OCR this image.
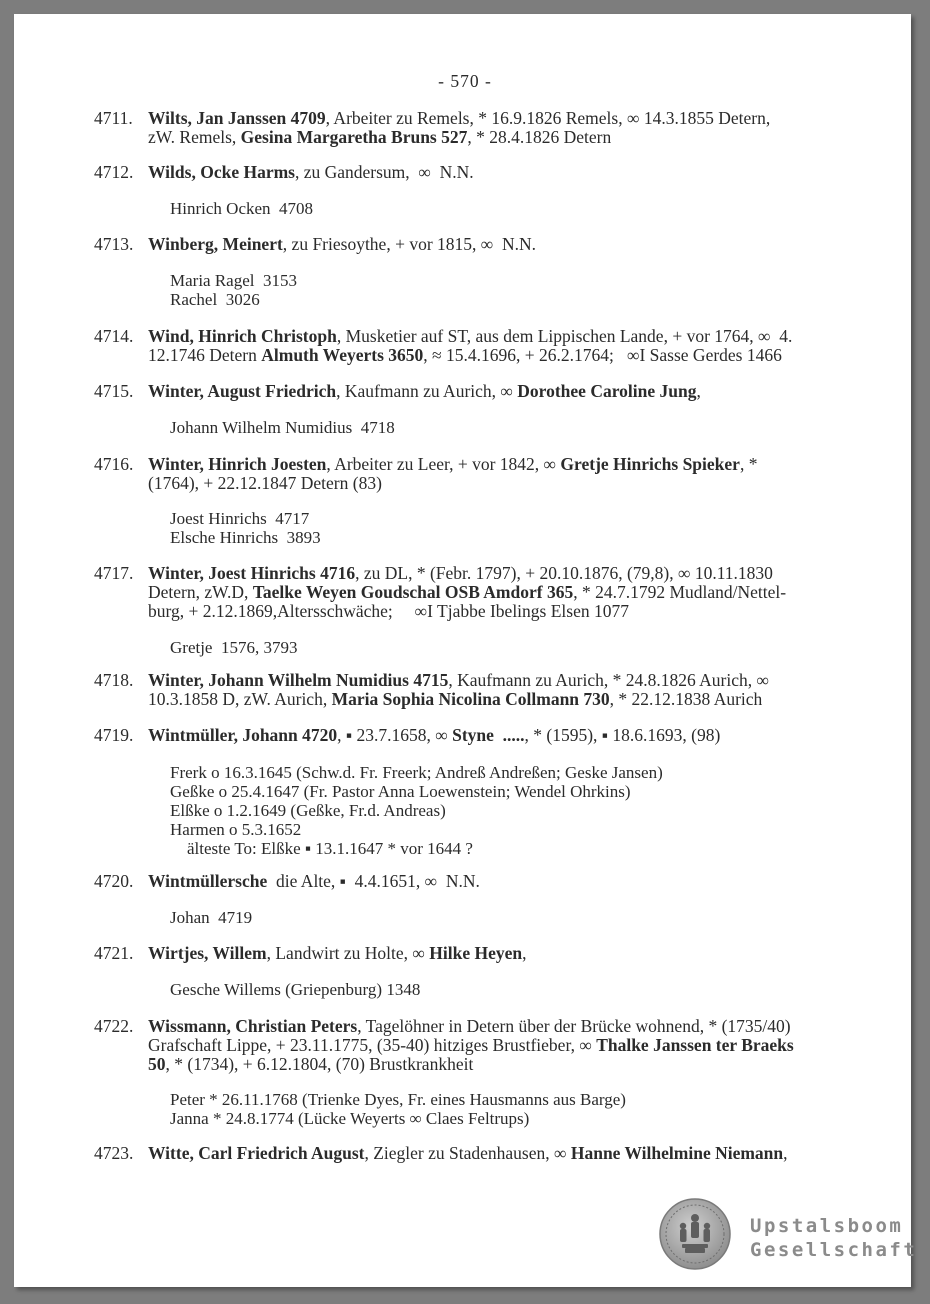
- 570 -
4711. Wilts, Jan Janssen 4709, Arbeiter zu Remels, * 16.9.1826 Remels, ∞ 14.3.1855 Detern,
zW. Remels, Gesina Margaretha Bruns 527, * 28.4.1826 Detern
4712. Wilds, Ocke Harms, zu Gandersum,  ∞  N.N.
Hinrich Ocken  4708
4713. Winberg, Meinert, zu Friesoythe, + vor 1815, ∞  N.N.
Maria Ragel  3153
Rachel  3026
4714. Wind, Hinrich Christoph, Musketier auf ST, aus dem Lippischen Lande, + vor 1764, ∞  4.
12.1746 Detern Almuth Weyerts 3650, ≈ 15.4.1696, + 26.2.1764;   ∞I Sasse Gerdes 1466
4715. Winter, August Friedrich, Kaufmann zu Aurich, ∞ Dorothee Caroline Jung,
Johann Wilhelm Numidius  4718
4716. Winter, Hinrich Joesten, Arbeiter zu Leer, + vor 1842, ∞ Gretje Hinrichs Spieker, *
(1764), + 22.12.1847 Detern (83)
Joest Hinrichs  4717
Elsche Hinrichs  3893
4717. Winter, Joest Hinrichs 4716, zu DL, * (Febr. 1797), + 20.10.1876, (79,8), ∞ 10.11.1830
Detern, zW.D, Taelke Weyen Goudschal OSB Amdorf 365, * 24.7.1792 Mudland/Nettel-
burg, + 2.12.1869,Altersschwäche;     ∞I Tjabbe Ibelings Elsen 1077
Gretje  1576, 3793
4718. Winter, Johann Wilhelm Numidius 4715, Kaufmann zu Aurich, * 24.8.1826 Aurich, ∞
10.3.1858 D, zW. Aurich, Maria Sophia Nicolina Collmann 730, * 22.12.1838 Aurich
4719. Wintmüller, Johann 4720, ▪ 23.7.1658, ∞ Styne  ....., * (1595), ▪ 18.6.1693, (98)
Frerk o 16.3.1645 (Schw.d. Fr. Freerk; Andreß Andreßen; Geske Jansen)
Geßke o 25.4.1647 (Fr. Pastor Anna Loewenstein; Wendel Ohrkins)
Elßke o 1.2.1649 (Geßke, Fr.d. Andreas)
Harmen o 5.3.1652
älteste To: Elßke ▪ 13.1.1647 * vor 1644 ?
4720. Wintmüllersche  die Alte, ▪  4.4.1651, ∞  N.N.
Johan  4719
4721. Wirtjes, Willem, Landwirt zu Holte, ∞ Hilke Heyen,
Gesche Willems (Griepenburg) 1348
4722. Wissmann, Christian Peters, Tagelöhner in Detern über der Brücke wohnend, * (1735/40)
Grafschaft Lippe, + 23.11.1775, (35-40) hitziges Brustfieber, ∞ Thalke Janssen ter Braeks
50, * (1734), + 6.12.1804, (70) Brustkrankheit
Peter * 26.11.1768 (Trienke Dyes, Fr. eines Hausmanns aus Barge)
Janna * 24.8.1774 (Lücke Weyerts ∞ Claes Feltrups)
4723. Witte, Carl Friedrich August, Ziegler zu Stadenhausen, ∞ Hanne Wilhelmine Niemann,
Upstalsboom
Gesellschaft
